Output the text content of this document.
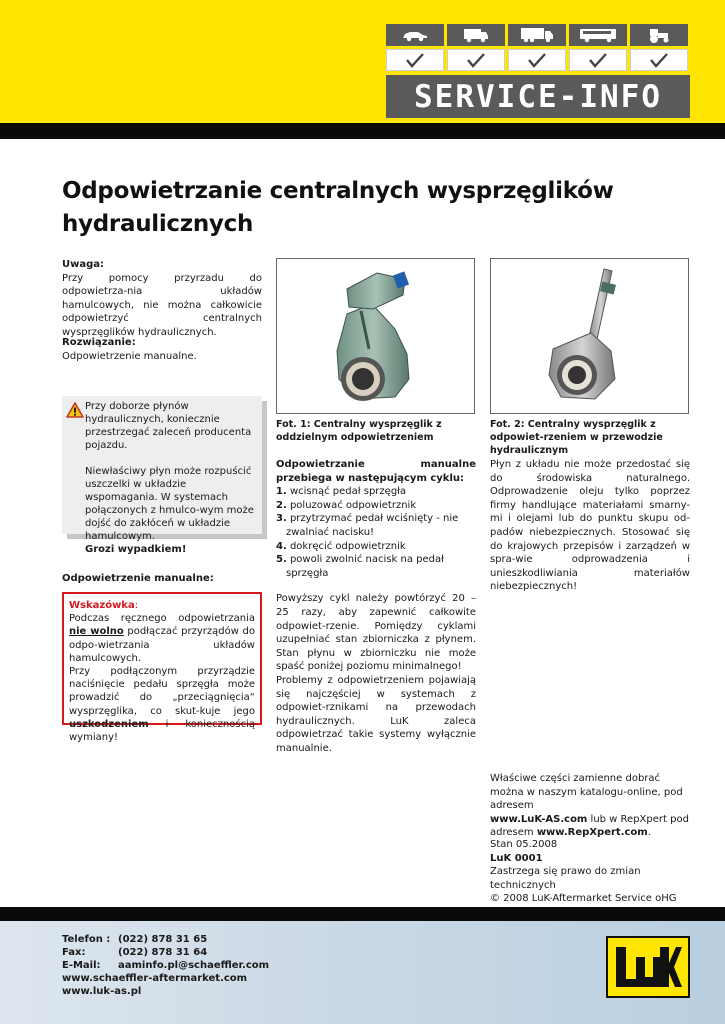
SERVICE-INFO
Odpowietrzanie centralnych wysprzęglików
hydraulicznych
Uwaga:
Przy pomocy przyrzadu do odpowietrza-nia układów hamulcowych, nie można całkowicie odpowietrzyć centralnych wysprzęglików hydraulicznych.
Rozwiązanie:
Odpowietrzenie manualne.
Przy doborze płynów hydraulicznych, koniecznie przestrzegać zaleceń producenta pojazdu.
Niewłaściwy płyn może rozpuścić uszczelki w układzie wspomagania. W systemach połączonych z hmulco-wym może dojść do zakłóceń w układzie hamulcowym.
Grozi wypadkiem!
Odpowietrzenie manualne:
Wskazówka:
Podczas ręcznego odpowietrzania nie wolno podłączać przyrządów do odpo-wietrzania układów hamulcowych.
Przy podłączonym przyrządzie naciśnięcie pedału sprzęgła może prowadzić do „przeciągnięcia“ wysprzęglika, co skut-kuje jego uszkodzeniem i koniecznością wymiany!
Fot. 1: Centralny wysprzęglik z oddzielnym odpowietrzeniem
Fot. 2: Centralny wysprzęglik z odpowiet-rzeniem w przewodzie hydraulicznym
Odpowietrzanie manualne przebiega w następującym cyklu:
1. wcisnąć pedał sprzęgła
2. poluzować odpowietrznik
3. przytrzymać pedał wciśnięty - nie zwalniać nacisku!
4. dokręcić odpowietrznik
5. powoli zwolnić nacisk na pedał sprzęgła
Powyższy cykl należy powtórzyć 20 – 25 razy, aby zapewnić całkowite odpowiet-rzenie. Pomiędzy cyklami uzupełniać stan zbiorniczka z płynem. Stan płynu w zbiorniczku nie może spaść poniżej poziomu minimalnego!
Problemy z odpowietrzeniem pojawiają się najczęściej w systemach z odpowiet-rznikami na przewodach hydraulicznych. LuK zaleca odpowietrzać takie systemy wyłącznie manualnie.
Płyn z układu nie może przedostać się do środowiska naturalnego. Odprowadzenie oleju tylko poprzez firmy handlujące materiałami smarny-mi i olejami lub do punktu skupu od-padów niebezpiecznych. Stosować się do krajowych przepisów i zarządzeń w spra-wie odprowadzenia i unieszkodliwiania materiałów niebezpiecznych!
Właściwe części zamienne dobrać można w naszym katalogu-online, pod adresem
www.LuK-AS.com lub w RepXpert pod adresem www.RepXpert.com.
Stan 05.2008
LuK 0001
Zastrzega się prawo do zmian technicznych
© 2008 LuK-Aftermarket Service oHG
Telefon : (022) 878 31 65
Fax:	(022) 878 31 64
E-Mail: aaminfo.pl@schaeffler.com
www.schaeffler-aftermarket.com
www.luk-as.pl
